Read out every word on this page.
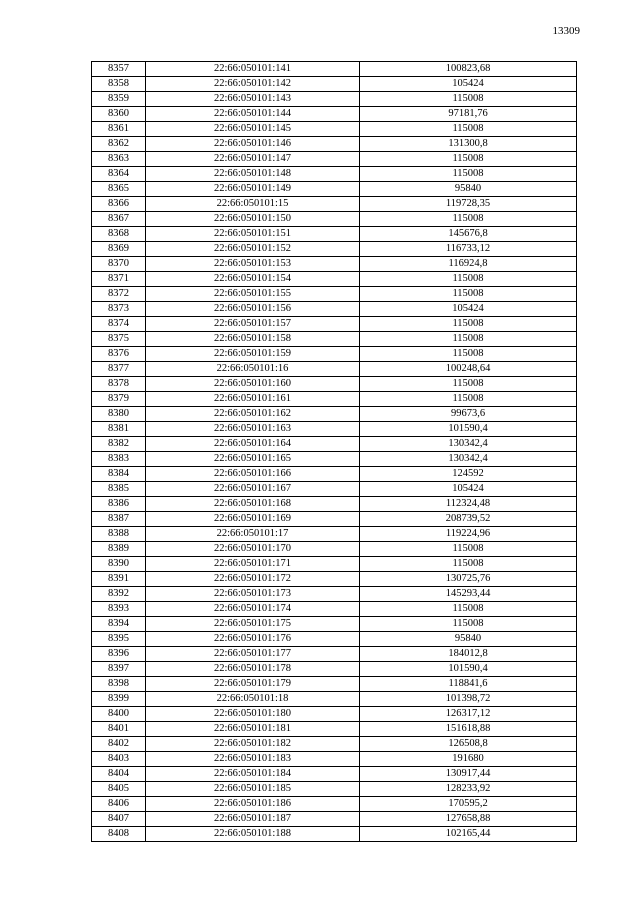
13309
8357	22:66:050101:141	100823,68
8358	22:66:050101:142	105424
8359	22:66:050101:143	115008
8360	22:66:050101:144	97181,76
8361	22:66:050101:145	115008
8362	22:66:050101:146	131300,8
8363	22:66:050101:147	115008
8364	22:66:050101:148	115008
8365	22:66:050101:149	95840
8366	22:66:050101:15	119728,35
8367	22:66:050101:150	115008
8368	22:66:050101:151	145676,8
8369	22:66:050101:152	116733,12
8370	22:66:050101:153	116924,8
8371	22:66:050101:154	115008
8372	22:66:050101:155	115008
8373	22:66:050101:156	105424
8374	22:66:050101:157	115008
8375	22:66:050101:158	115008
8376	22:66:050101:159	115008
8377	22:66:050101:16	100248,64
8378	22:66:050101:160	115008
8379	22:66:050101:161	115008
8380	22:66:050101:162	99673,6
8381	22:66:050101:163	101590,4
8382	22:66:050101:164	130342,4
8383	22:66:050101:165	130342,4
8384	22:66:050101:166	124592
8385	22:66:050101:167	105424
8386	22:66:050101:168	112324,48
8387	22:66:050101:169	208739,52
8388	22:66:050101:17	119224,96
8389	22:66:050101:170	115008
8390	22:66:050101:171	115008
8391	22:66:050101:172	130725,76
8392	22:66:050101:173	145293,44
8393	22:66:050101:174	115008
8394	22:66:050101:175	115008
8395	22:66:050101:176	95840
8396	22:66:050101:177	184012,8
8397	22:66:050101:178	101590,4
8398	22:66:050101:179	118841,6
8399	22:66:050101:18	101398,72
8400	22:66:050101:180	126317,12
8401	22:66:050101:181	151618,88
8402	22:66:050101:182	126508,8
8403	22:66:050101:183	191680
8404	22:66:050101:184	130917,44
8405	22:66:050101:185	128233,92
8406	22:66:050101:186	170595,2
8407	22:66:050101:187	127658,88
8408	22:66:050101:188	102165,44
